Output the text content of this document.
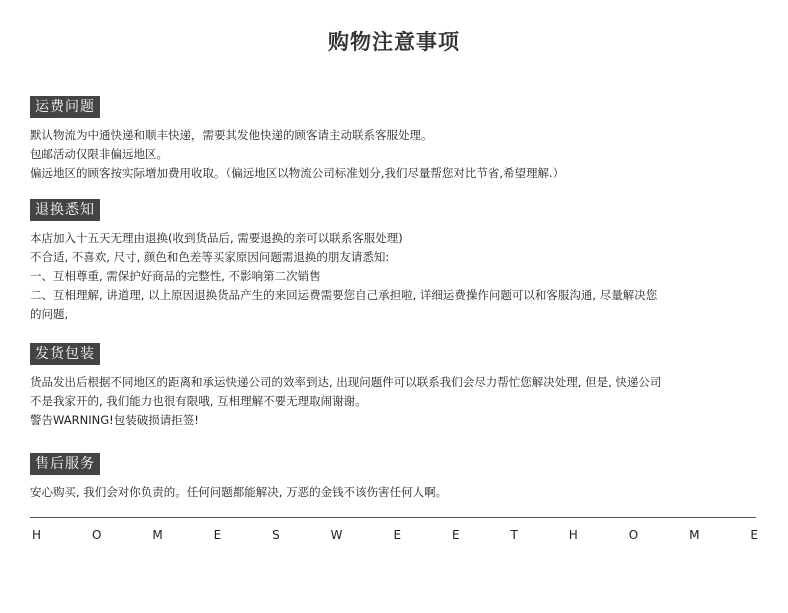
购物注意事项
运费问题
默认物流为中通快递和顺丰快递，需要其发他快递的顾客请主动联系客服处理。
包邮活动仅限非偏远地区。
偏远地区的顾客按实际增加费用收取。（偏远地区以物流公司标准划分,我们尽量帮您对比节省,希望理解.）
退换悉知
本店加入十五天无理由退换(收到货品后, 需要退换的亲可以联系客服处理)
不合适, 不喜欢, 尺寸, 颜色和色差等买家原因问题需退换的朋友请悉知:
一、互相尊重, 需保护好商品的完整性, 不影响第二次销售
二、互相理解, 讲道理, 以上原因退换货品产生的来回运费需要您自己承担啦, 详细运费操作问题可以和客服沟通, 尽量解决您
的问题,
发货包装
货品发出后根据不同地区的距离和承运快递公司的效率到达, 出现问题件可以联系我们会尽力帮忙您解决处理, 但是, 快递公司
不是我家开的, 我们能力也很有限哦, 互相理解不要无理取闹谢谢。
警告WARNING!包装破损请拒签!
售后服务
安心购买, 我们会对你负责的。任何问题都能解决, 万恶的金钱不该伤害任何人啊。
H	O	M	E	S	W	E	E	T	H	O	M	E
